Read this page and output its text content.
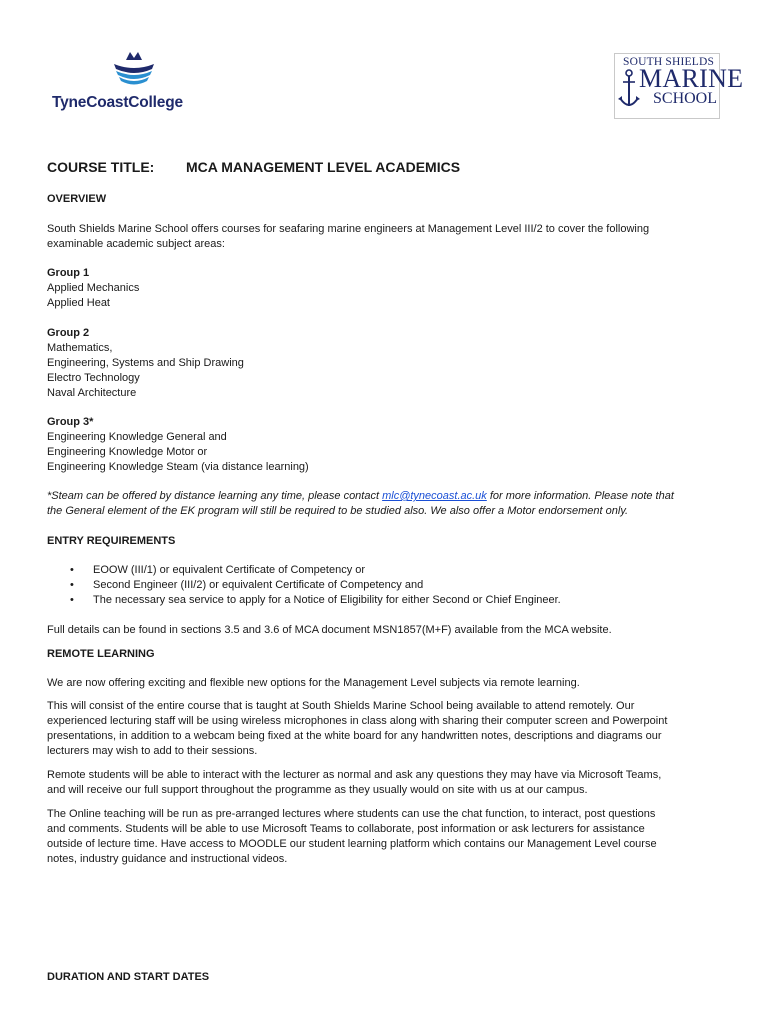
TyneCoastCollege
SOUTH SHIELDS
MARINE
SCHOOL
COURSE TITLE: MCA MANAGEMENT LEVEL ACADEMICS
OVERVIEW
South Shields Marine School offers courses for seafaring marine engineers at Management Level III/2 to cover the following
examinable academic subject areas:
Group 1
Applied Mechanics
Applied Heat
Group 2
Mathematics,
Engineering, Systems and Ship Drawing
Electro Technology
Naval Architecture
Group 3*
Engineering Knowledge General and
Engineering Knowledge Motor or
Engineering Knowledge Steam (via distance learning)
*Steam can be offered by distance learning any time, please contact mlc@tynecoast.ac.uk for more information. Please note that
the General element of the EK program will still be required to be studied also. We also offer a Motor endorsement only.
ENTRY REQUIREMENTS
• EOOW (III/1) or equivalent Certificate of Competency or
• Second Engineer (III/2) or equivalent Certificate of Competency and
• The necessary sea service to apply for a Notice of Eligibility for either Second or Chief Engineer.
Full details can be found in sections 3.5 and 3.6 of MCA document MSN1857(M+F) available from the MCA website.
REMOTE LEARNING
We are now offering exciting and flexible new options for the Management Level subjects via remote learning.
This will consist of the entire course that is taught at South Shields Marine School being available to attend remotely. Our
experienced lecturing staff will be using wireless microphones in class along with sharing their computer screen and Powerpoint
presentations, in addition to a webcam being fixed at the white board for any handwritten notes, descriptions and diagrams our
lecturers may wish to add to their sessions.
Remote students will be able to interact with the lecturer as normal and ask any questions they may have via Microsoft Teams,
and will receive our full support throughout the programme as they usually would on site with us at our campus.
The Online teaching will be run as pre-arranged lectures where students can use the chat function, to interact, post questions
and comments. Students will be able to use Microsoft Teams to collaborate, post information or ask lecturers for assistance
outside of lecture time. Have access to MOODLE our student learning platform which contains our Management Level course
notes, industry guidance and instructional videos.
DURATION AND START DATES
